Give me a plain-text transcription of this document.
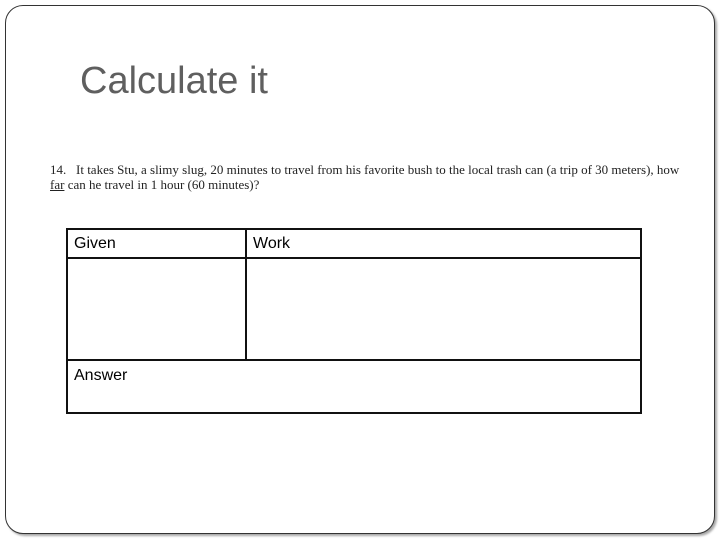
Calculate it

14. It takes Stu, a slimy slug, 20 minutes to travel from his favorite bush to the local trash can (a trip of 30 meters), how far can he travel in 1 hour (60 minutes)?

Given	Work
Answer
